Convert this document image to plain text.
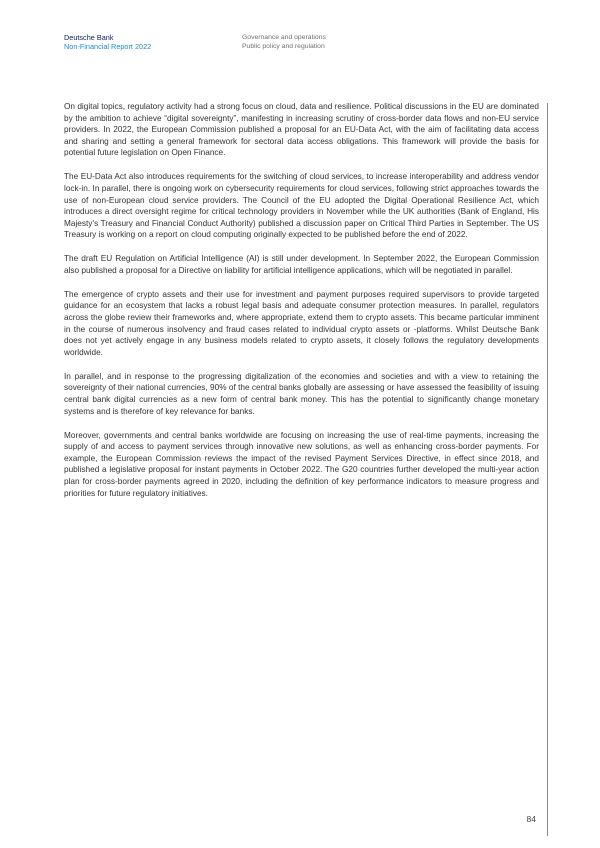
Deutsche Bank
Non-Financial Report 2022
Governance and operations
Public policy and regulation

On digital topics, regulatory activity had a strong focus on cloud, data and resilience. Political discussions in the EU are dominated by the ambition to achieve “digital sovereignty”, manifesting in increasing scrutiny of cross-border data flows and non-EU service providers. In 2022, the European Commission published a proposal for an EU-Data Act, with the aim of facilitating data access and sharing and setting a general framework for sectoral data access obligations. This framework will provide the basis for potential future legislation on Open Finance.

The EU-Data Act also introduces requirements for the switching of cloud services, to increase interoperability and address vendor lock-in. In parallel, there is ongoing work on cybersecurity requirements for cloud services, following strict approaches towards the use of non-European cloud service providers. The Council of the EU adopted the Digital Operational Resilience Act, which introduces a direct oversight regime for critical technology providers in November while the UK authorities (Bank of England, His Majesty’s Treasury and Financial Conduct Authority) published a discussion paper on Critical Third Parties in September. The US Treasury is working on a report on cloud computing originally expected to be published before the end of 2022.

The draft EU Regulation on Artificial Intelligence (AI) is still under development. In September 2022, the European Commission also published a proposal for a Directive on liability for artificial intelligence applications, which will be negotiated in parallel.

The emergence of crypto assets and their use for investment and payment purposes required supervisors to provide targeted guidance for an ecosystem that lacks a robust legal basis and adequate consumer protection measures. In parallel, regulators across the globe review their frameworks and, where appropriate, extend them to crypto assets. This became particular imminent in the course of numerous insolvency and fraud cases related to individual crypto assets or -platforms. Whilst Deutsche Bank does not yet actively engage in any business models related to crypto assets, it closely follows the regulatory developments worldwide.

In parallel, and in response to the progressing digitalization of the economies and societies and with a view to retaining the sovereignty of their national currencies, 90% of the central banks globally are assessing or have assessed the feasibility of issuing central bank digital currencies as a new form of central bank money. This has the potential to significantly change monetary systems and is therefore of key relevance for banks.

Moreover, governments and central banks worldwide are focusing on increasing the use of real-time payments, increasing the supply of and access to payment services through innovative new solutions, as well as enhancing cross-border payments. For example, the European Commission reviews the impact of the revised Payment Services Directive, in effect since 2018, and published a legislative proposal for instant payments in October 2022. The G20 countries further developed the multi-year action plan for cross-border payments agreed in 2020, including the definition of key performance indicators to measure progress and priorities for future regulatory initiatives.

84
